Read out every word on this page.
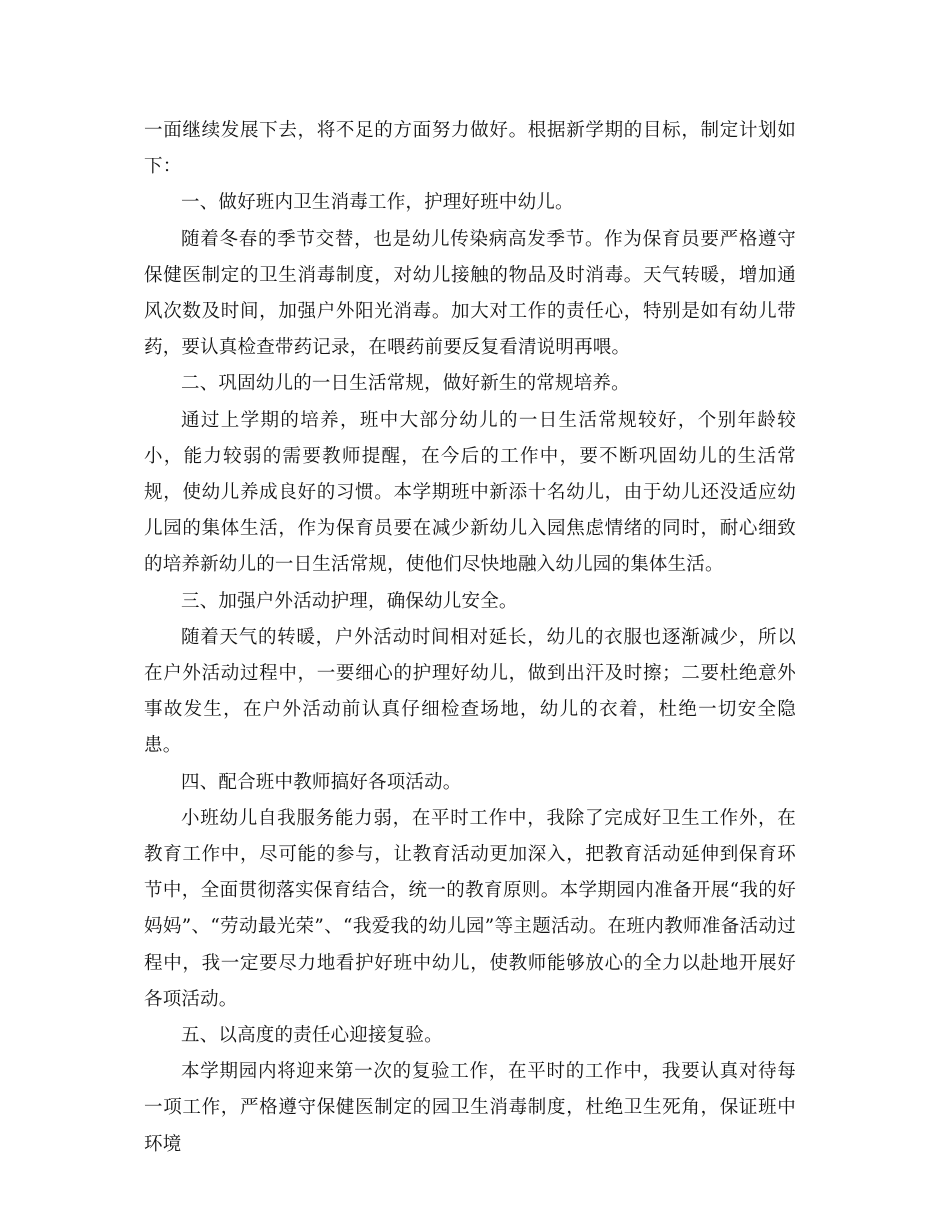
一面继续发展下去，将不足的方面努力做好。根据新学期的目标，制定计划如下：

一、做好班内卫生消毒工作，护理好班中幼儿。

随着冬春的季节交替，也是幼儿传染病高发季节。作为保育员要严格遵守保健医制定的卫生消毒制度，对幼儿接触的物品及时消毒。天气转暖，增加通风次数及时间，加强户外阳光消毒。加大对工作的责任心，特别是如有幼儿带药，要认真检查带药记录，在喂药前要反复看清说明再喂。

二、巩固幼儿的一日生活常规，做好新生的常规培养。

通过上学期的培养，班中大部分幼儿的一日生活常规较好，个别年龄较小，能力较弱的需要教师提醒，在今后的工作中，要不断巩固幼儿的生活常规，使幼儿养成良好的习惯。本学期班中新添十名幼儿，由于幼儿还没适应幼儿园的集体生活，作为保育员要在减少新幼儿入园焦虑情绪的同时，耐心细致的培养新幼儿的一日生活常规，使他们尽快地融入幼儿园的集体生活。

三、加强户外活动护理，确保幼儿安全。

随着天气的转暖，户外活动时间相对延长，幼儿的衣服也逐渐减少，所以在户外活动过程中，一要细心的护理好幼儿，做到出汗及时擦；二要杜绝意外事故发生，在户外活动前认真仔细检查场地，幼儿的衣着，杜绝一切安全隐患。

四、配合班中教师搞好各项活动。

小班幼儿自我服务能力弱，在平时工作中，我除了完成好卫生工作外，在教育工作中，尽可能的参与，让教育活动更加深入，把教育活动延伸到保育环节中，全面贯彻落实保育结合，统一的教育原则。本学期园内准备开展“我的好妈妈”、“劳动最光荣”、“我爱我的幼儿园”等主题活动。在班内教师准备活动过程中，我一定要尽力地看护好班中幼儿，使教师能够放心的全力以赴地开展好各项活动。

五、以高度的责任心迎接复验。

本学期园内将迎来第一次的复验工作，在平时的工作中，我要认真对待每一项工作，严格遵守保健医制定的园卫生消毒制度，杜绝卫生死角，保证班中环境
